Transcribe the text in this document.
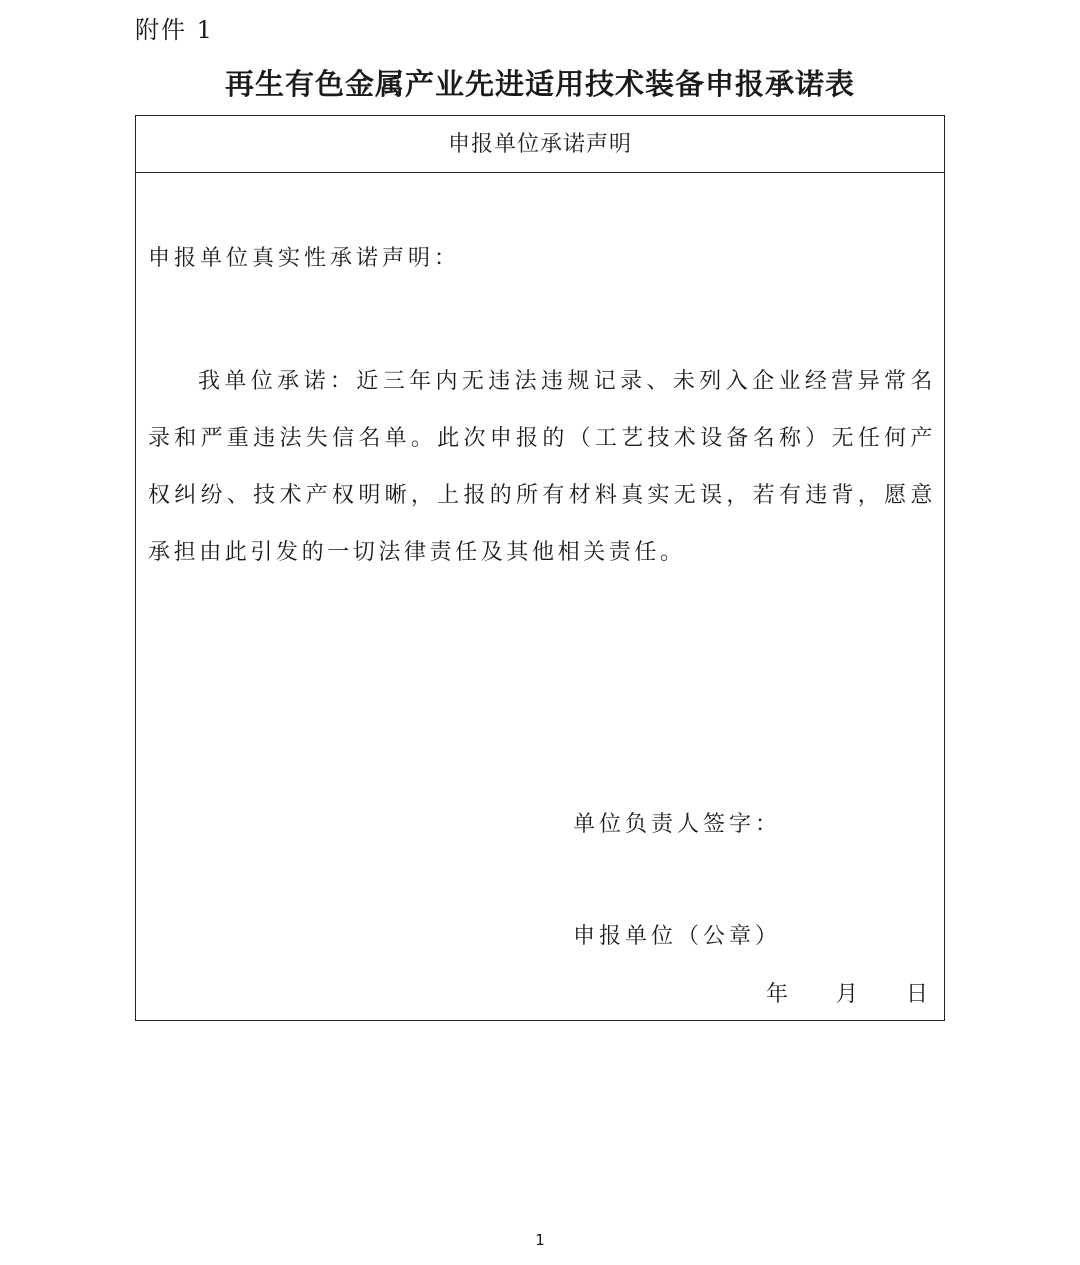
附件 1
再生有色金属产业先进适用技术装备申报承诺表
申报单位承诺声明
申报单位真实性承诺声明：

我单位承诺：近三年内无违法违规记录、未列入企业经营异常名录和严重违法失信名单。此次申报的（工艺技术设备名称）无任何产权纠纷、技术产权明晰，上报的所有材料真实无误，若有违背，愿意承担由此引发的一切法律责任及其他相关责任。

单位负责人签字：
申报单位（公章）
年 月 日
1
